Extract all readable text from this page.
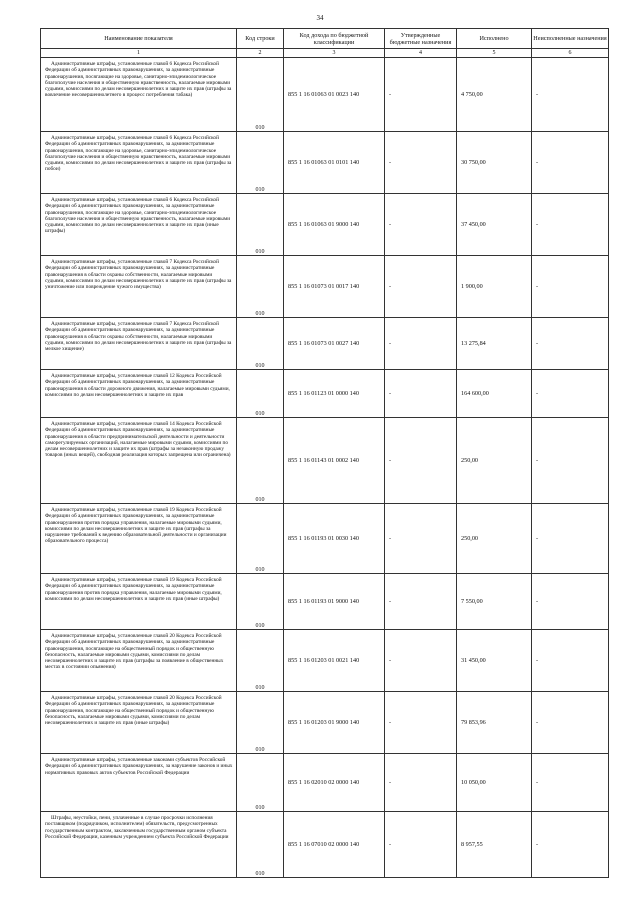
34
Наименование показателя	Код строки	Код дохода по бюджетной классификации	Утвержденные бюджетные назначения	Исполнено	Неисполненные назначения
1	2	3	4	5	6

Административные штрафы, установленные главой 6 Кодекса Российской Федерации об административных правонарушениях, за административные правонарушения, посягающие на здоровье, санитарно-эпидемиологическое благополучие населения и общественную нравственность, налагаемые мировыми судьями, комиссиями по делам несовершеннолетних и защите их прав (штрафы за вовлечение несовершеннолетнего в процесс потребления табака)	010	855 1 16 01063 01 0023 140	-	4 750,00	-

Административные штрафы, установленные главой 6 Кодекса Российской Федерации об административных правонарушениях, за административные правонарушения, посягающие на здоровье, санитарно-эпидемиологическое благополучие населения и общественную нравственность, налагаемые мировыми судьями, комиссиями по делам несовершеннолетних и защите их прав (штрафы за побои)	010	855 1 16 01063 01 0101 140	-	30 750,00	-

Административные штрафы, установленные главой 6 Кодекса Российской Федерации об административных правонарушениях, за административные правонарушения, посягающие на здоровье, санитарно-эпидемиологическое благополучие населения и общественную нравственность, налагаемые мировыми судьями, комиссиями по делам несовершеннолетних и защите их прав (иные штрафы)	010	855 1 16 01063 01 9000 140	-	37 450,00	-

Административные штрафы, установленные главой 7 Кодекса Российской Федерации об административных правонарушениях, за административные правонарушения в области охраны собственности, налагаемые мировыми судьями, комиссиями по делам несовершеннолетних и защите их прав (штрафы за уничтожение или повреждение чужого имущества)	010	855 1 16 01073 01 0017 140	-	1 900,00	-

Административные штрафы, установленные главой 7 Кодекса Российской Федерации об административных правонарушениях, за административные правонарушения в области охраны собственности, налагаемые мировыми судьями, комиссиями по делам несовершеннолетних и защите их прав (штрафы за мелкое хищение)	010	855 1 16 01073 01 0027 140	-	13 275,84	-

Административные штрафы, установленные главой 12 Кодекса Российской Федерации об административных правонарушениях, за административные правонарушения в области дорожного движения, налагаемые мировыми судьями, комиссиями по делам несовершеннолетних и защите их прав	010	855 1 16 01123 01 0000 140	-	164 600,00	-

Административные штрафы, установленные главой 14 Кодекса Российской Федерации об административных правонарушениях, за административные правонарушения в области предпринимательской деятельности и деятельности саморегулируемых организаций, налагаемые мировыми судьями, комиссиями по делам несовершеннолетних и защите их прав (штрафы за незаконную продажу товаров (иных вещей), свободная реализация которых запрещена или ограничена)	010	855 1 16 01143 01 0002 140	-	250,00	-

Административные штрафы, установленные главой 19 Кодекса Российской Федерации об административных правонарушениях, за административные правонарушения против порядка управления, налагаемые мировыми судьями, комиссиями по делам несовершеннолетних и защите их прав (штрафы за нарушение требований к ведению образовательной деятельности и организации образовательного процесса)	010	855 1 16 01193 01 0030 140	-	250,00	-

Административные штрафы, установленные главой 19 Кодекса Российской Федерации об административных правонарушениях, за административные правонарушения против порядка управления, налагаемые мировыми судьями, комиссиями по делам несовершеннолетних и защите их прав (иные штрафы)	010	855 1 16 01193 01 9000 140	-	7 550,00	-

Административные штрафы, установленные главой 20 Кодекса Российской Федерации об административных правонарушениях, за административные правонарушения, посягающие на общественный порядок и общественную безопасность, налагаемые мировыми судьями, комиссиями по делам несовершеннолетних и защите их прав (штрафы за появление в общественных местах в состоянии опьянения)	010	855 1 16 01203 01 0021 140	-	31 450,00	-

Административные штрафы, установленные главой 20 Кодекса Российской Федерации об административных правонарушениях, за административные правонарушения, посягающие на общественный порядок и общественную безопасность, налагаемые мировыми судьями, комиссиями по делам несовершеннолетних и защите их прав (иные штрафы)	010	855 1 16 01203 01 9000 140	-	79 853,96	-

Административные штрафы, установленные законами субъектов Российской Федерации об административных правонарушениях, за нарушение законов и иных нормативных правовых актов субъектов Российской Федерации	010	855 1 16 02010 02 0000 140	-	10 050,00	-

Штрафы, неустойки, пени, уплаченные в случае просрочки исполнения поставщиком (подрядчиком, исполнителем) обязательств, предусмотренных государственным контрактом, заключенным государственным органом субъекта Российской Федерации, казенным учреждением субъекта Российской Федерации	010	855 1 16 07010 02 0000 140	-	8 957,55	-
